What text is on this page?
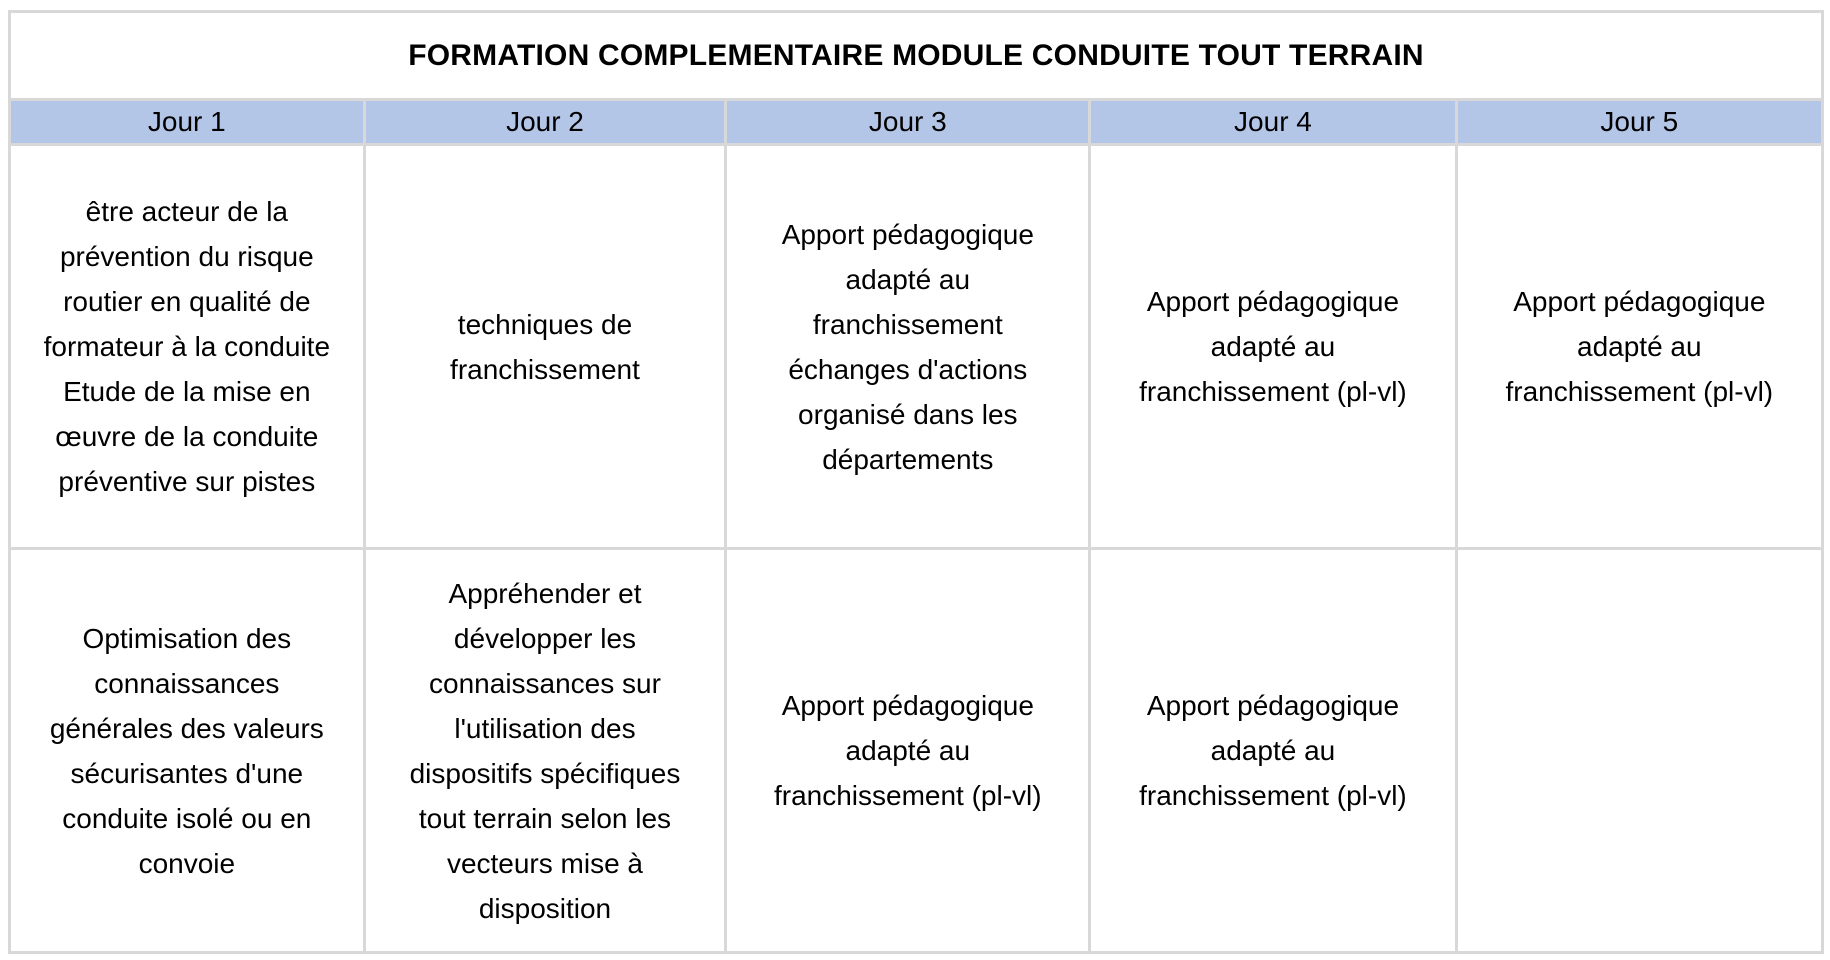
FORMATION COMPLEMENTAIRE MODULE CONDUITE TOUT TERRAIN				
Jour 1	Jour 2	Jour 3	Jour 4	Jour 5

être acteur de la prévention du risque routier en qualité de formateur à la conduite Etude de la mise en œuvre de la conduite préventive sur pistes	techniques de franchissement	Apport pédagogique adapté au franchissement échanges d'actions organisé dans les départements	Apport pédagogique adapté au franchissement (pl-vl)	Apport pédagogique adapté au franchissement (pl-vl)

Optimisation des connaissances générales des valeurs sécurisantes d'une conduite isolé ou en convoie	Appréhender et développer les connaissances sur l'utilisation des dispositifs spécifiques tout terrain selon les vecteurs mise à disposition	Apport pédagogique adapté au franchissement (pl-vl)	Apport pédagogique adapté au franchissement (pl-vl)	
